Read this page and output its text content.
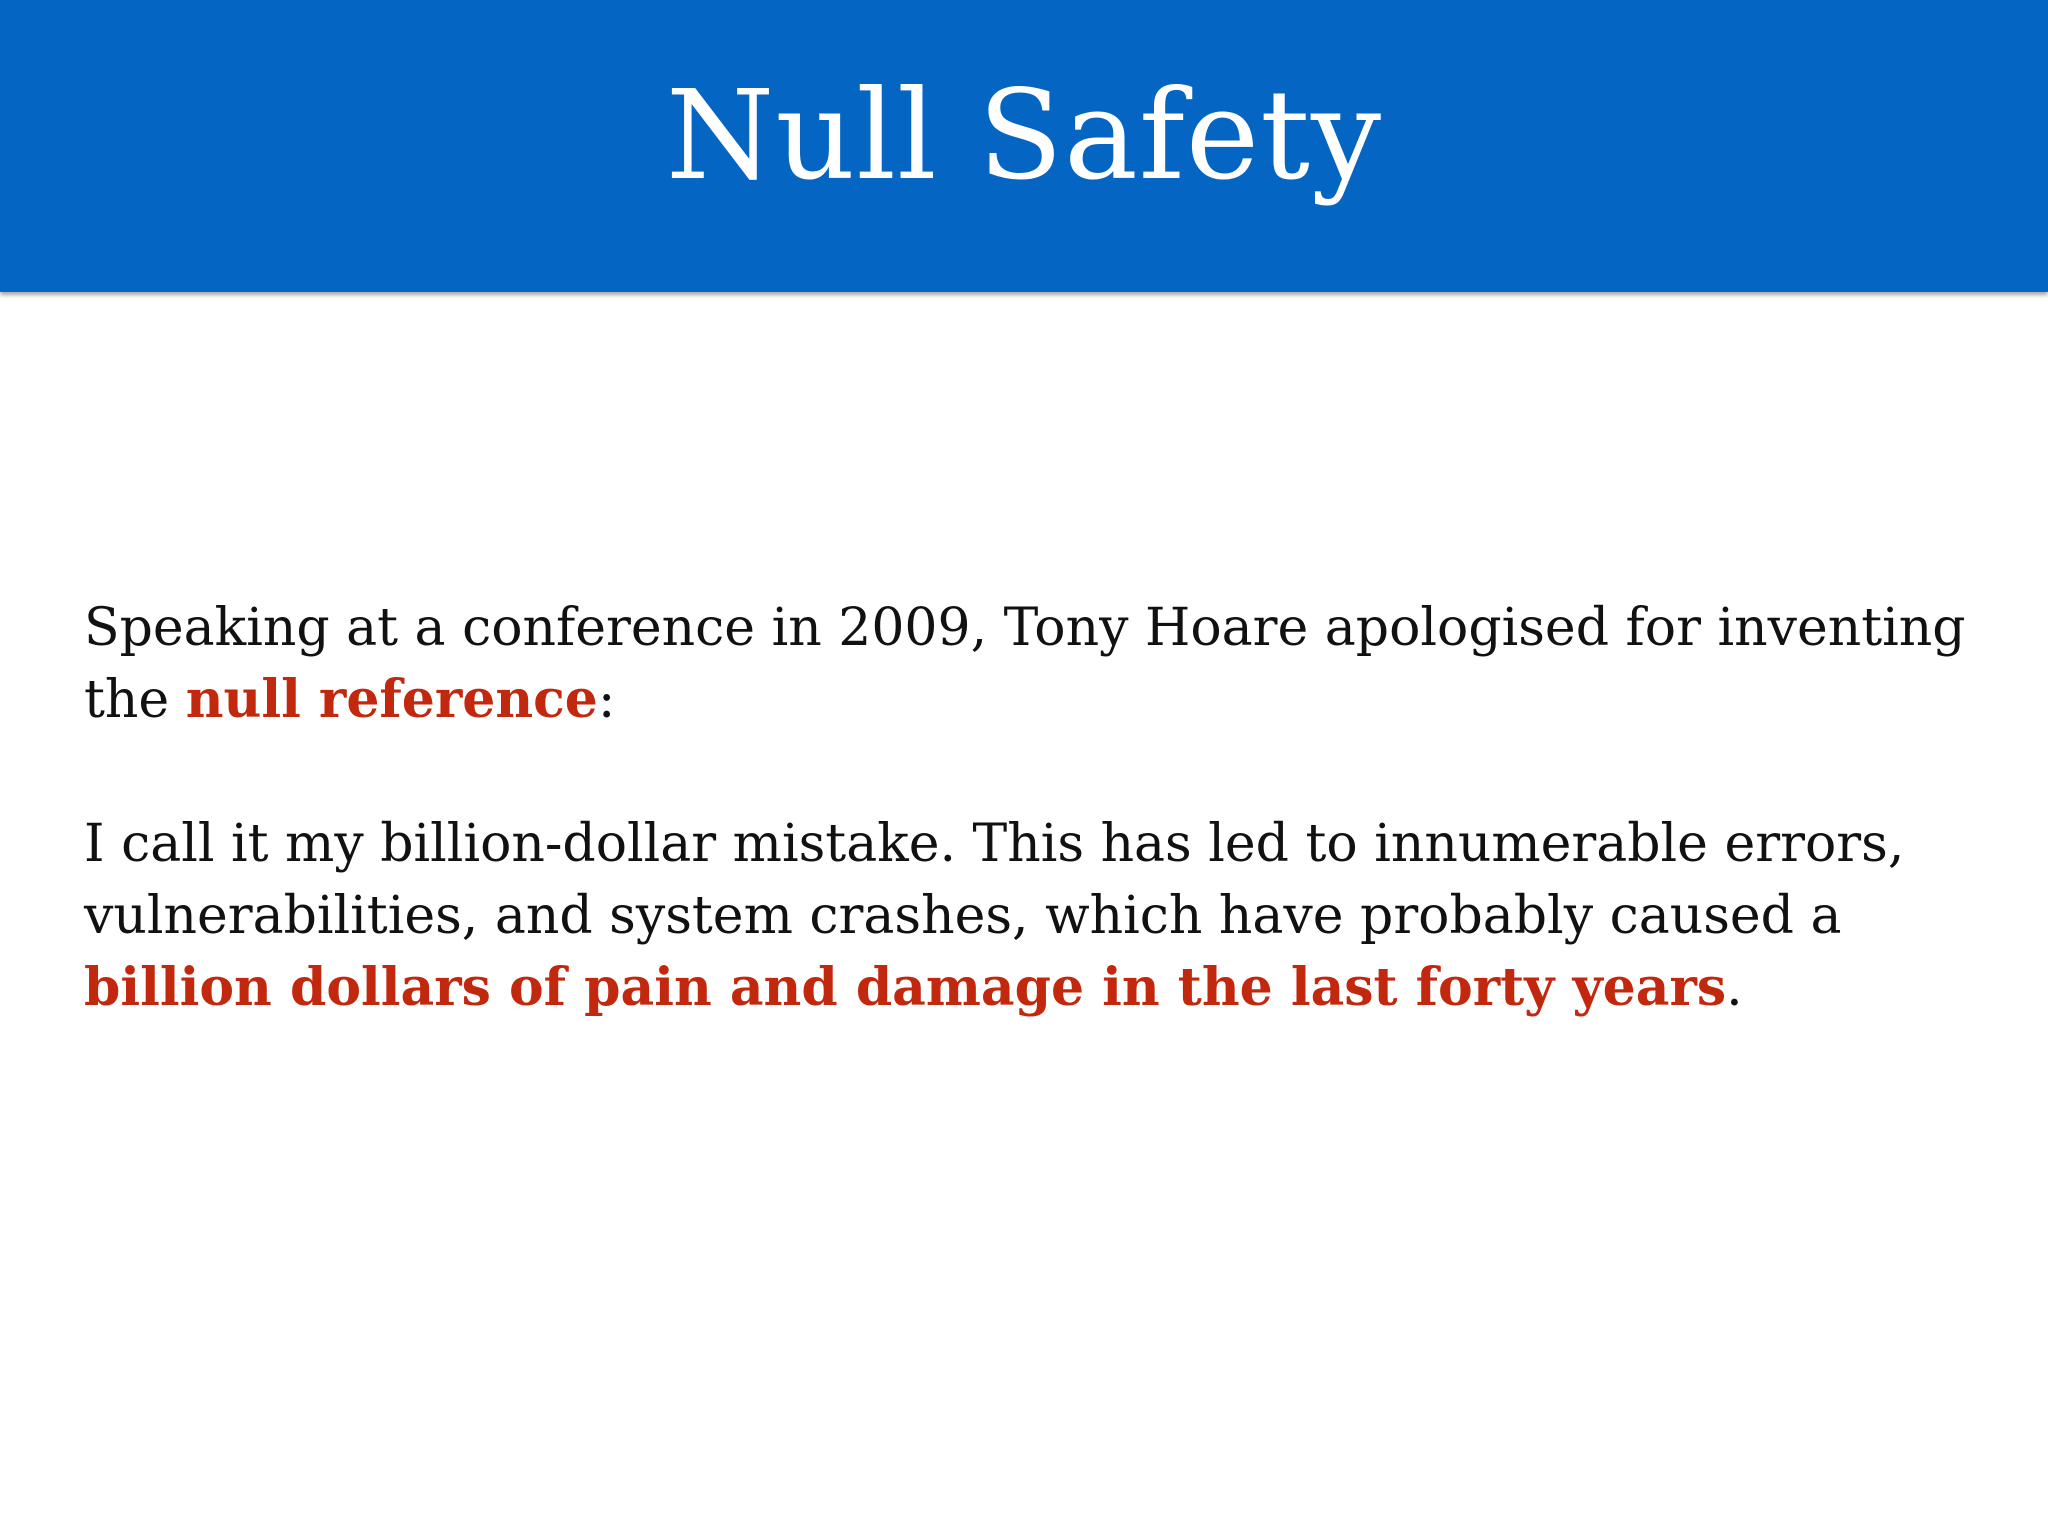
Null Safety

Speaking at a conference in 2009, Tony Hoare apologised for inventing
the null reference:

I call it my billion-dollar mistake. This has led to innumerable errors,
vulnerabilities, and system crashes, which have probably caused a
billion dollars of pain and damage in the last forty years.
